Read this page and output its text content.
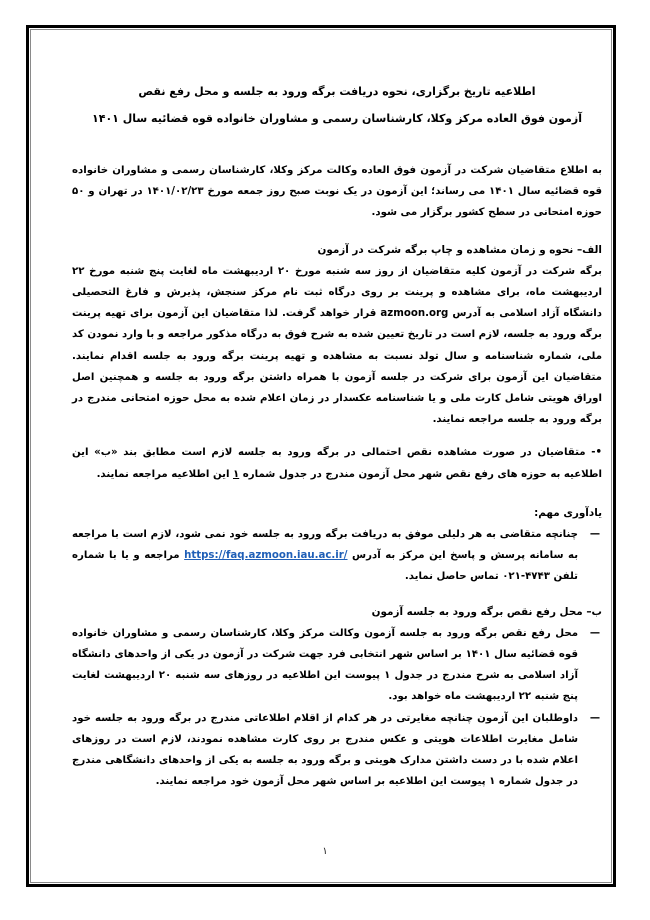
اطلاعیه تاریخ برگزاری، نحوه دریافت برگه ورود به جلسه و محل رفع نقص
آزمون فوق العاده مرکز وکلا، کارشناسان رسمی و مشاوران خانواده قوه قضائیه سال ۱۴۰۱

به اطلاع متقاضیان شرکت در آزمون فوق العاده وکالت مرکز وکلا، کارشناسان رسمی و مشاوران خانواده قوه قضائیه سال ۱۴۰۱ می رساند؛ این آزمون در یک نوبت صبح روز جمعه مورخ ۱۴۰۱/۰۲/۲۳ در تهران و ۵۰ حوزه امتحانی در سطح کشور برگزار می شود.

الف– نحوه و زمان مشاهده و چاپ برگه شرکت در آزمون

برگه شرکت در آزمون کلیه متقاضیان از روز سه شنبه مورخ ۲۰ اردیبهشت ماه لغایت پنج شنبه مورخ ۲۲ اردیبهشت ماه، برای مشاهده و پرینت بر روی درگاه ثبت نام مرکز سنجش، پذیرش و فارغ التحصیلی دانشگاه آزاد اسلامی به آدرس azmoon.org قرار خواهد گرفت. لذا متقاضیان این آزمون برای تهیه پرینت برگه ورود به جلسه، لازم است در تاریخ تعیین شده به شرح فوق به درگاه مذکور مراجعه و با وارد نمودن کد ملی، شماره شناسنامه و سال تولد نسبت به مشاهده و تهیه پرینت برگه ورود به جلسه اقدام نمایند. متقاضیان این آزمون برای شرکت در جلسه آزمون با همراه داشتن برگه ورود به جلسه و همچنین اصل اوراق هویتی شامل کارت ملی و یا شناسنامه عکسدار در زمان اعلام شده به محل حوزه امتحانی مندرج در برگه ورود به جلسه مراجعه نمایند.

•- متقاضیان در صورت مشاهده نقص احتمالی در برگه ورود به جلسه لازم است مطابق بند «ب» این اطلاعیه به حوزه های رفع نقص شهر محل آزمون مندرج در جدول شماره ۱ این اطلاعیه مراجعه نمایند.

یادآوری مهم:
—
چنانچه متقاضی به هر دلیلی موفق به دریافت برگه ورود به جلسه خود نمی شود، لازم است با مراجعه به سامانه پرسش و پاسخ این مرکز به آدرس https://faq.azmoon.iau.ac.ir/ مراجعه و یا با شماره تلفن ۴۷۴۳-۰۲۱ تماس حاصل نماید.
ب– محل رفع نقص برگه ورود به جلسه آزمون
—
محل رفع نقص برگه ورود به جلسه آزمون وکالت مرکز وکلا، کارشناسان رسمی و مشاوران خانواده قوه قضائیه سال ۱۴۰۱ بر اساس شهر انتخابی فرد جهت شرکت در آزمون در یکی از واحدهای دانشگاه آزاد اسلامی به شرح مندرج در جدول ۱ پیوست این اطلاعیه در روزهای سه شنبه ۲۰ اردیبهشت لغایت پنج شنبه ۲۲ اردیبهشت ماه خواهد بود.
—
داوطلبان این آزمون چنانچه مغایرتی در هر کدام از اقلام اطلاعاتی مندرج در برگه ورود به جلسه خود شامل مغایرت اطلاعات هویتی و عکس مندرج بر روی کارت مشاهده نمودند، لازم است در روزهای اعلام شده با در دست داشتن مدارک هویتی و برگه ورود به جلسه به یکی از واحدهای دانشگاهی مندرج در جدول شماره ۱ پیوست این اطلاعیه بر اساس شهر محل آزمون خود مراجعه نمایند.
۱
